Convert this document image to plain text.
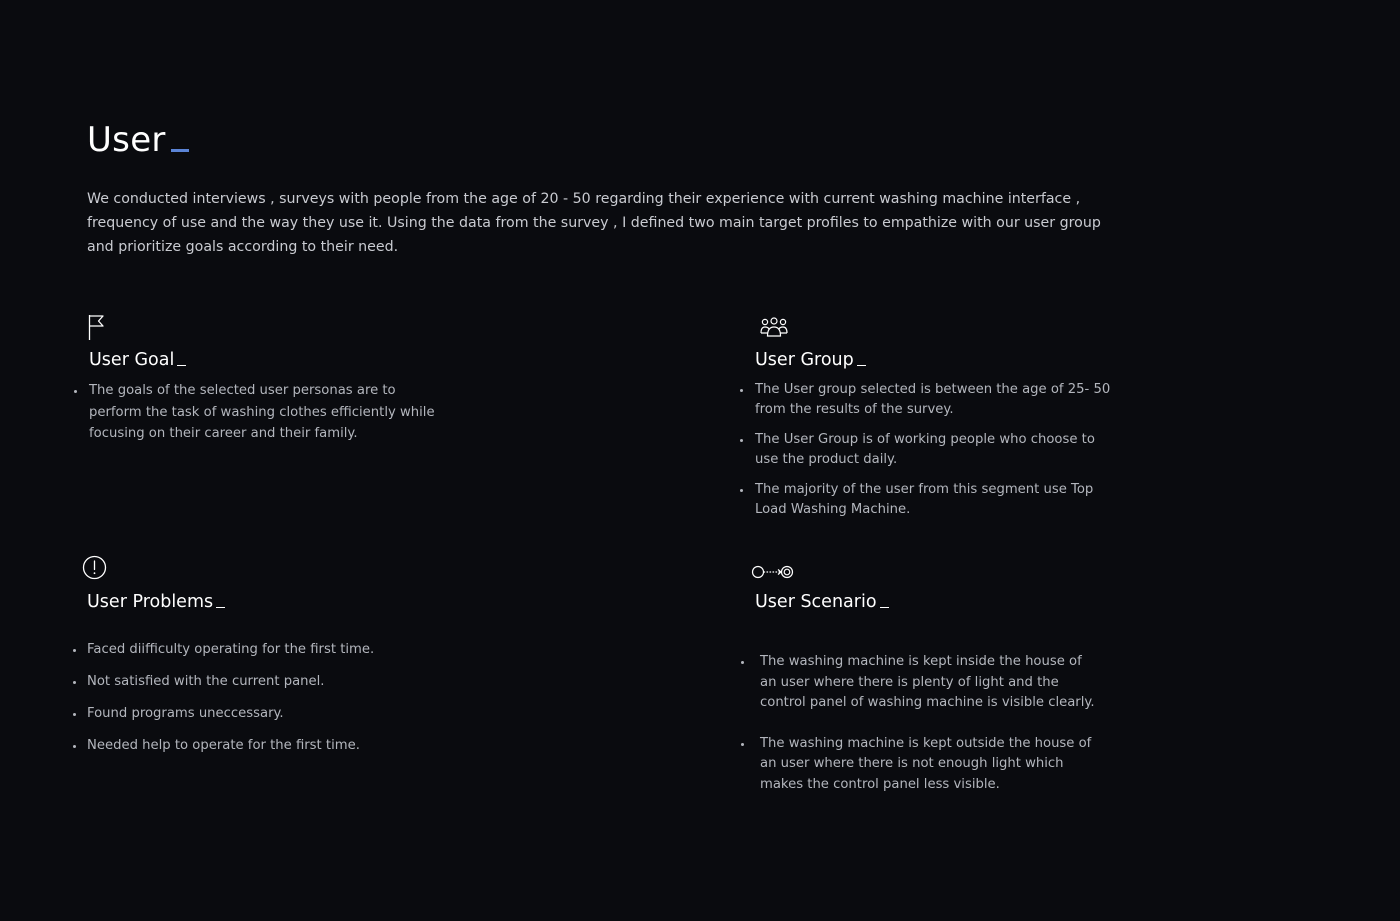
User

We conducted interviews , surveys with people from the age of 20 - 50 regarding their experience with current washing machine interface , frequency of use and the way they use it. Using the data from the survey , I defined two main target profiles to empathize with our user group and prioritize goals according to their need.

User Goal
The goals of the selected user personas are to perform the task of washing clothes efficiently while focusing on their career and their family.
User Group
The User group selected is between the age of 25- 50 from the results of the survey.
The User Group is of working people who choose to use the product daily.
The majority of the user from this segment use Top Load Washing Machine.
User Problems
Faced diifficulty operating for the first time.
Not satisfied with the current panel.
Found programs uneccessary.
Needed help to operate for the first time.
User Scenario
The washing machine is kept inside the house of an user where there is plenty of light and the control panel of washing machine is visible clearly.
The washing machine is kept outside the house of an user where there is not enough light which makes the control panel less visible.
